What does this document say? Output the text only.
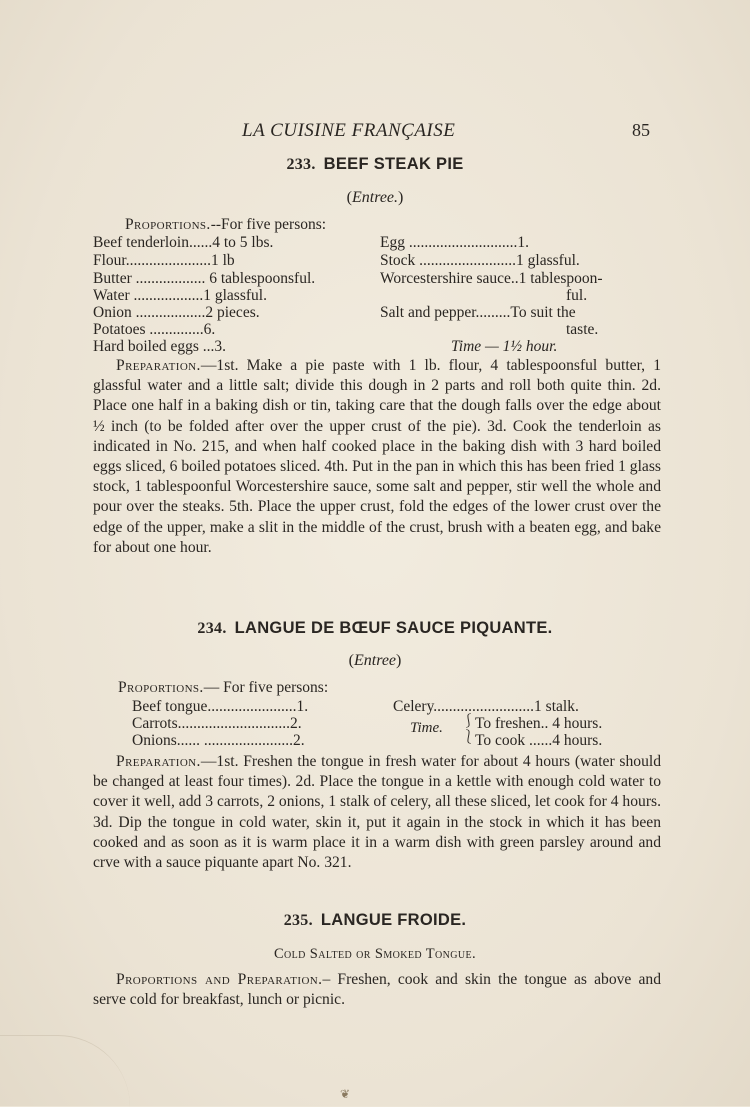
LA CUISINE FRANÇAISE	85
233. BEEF STEAK PIE
(Entree.)
Proportions.--For five persons:
Beef tenderloin......4 to 5 lbs.
Flour......................1 lb
Butter .................. 6 tablespoonsful.
Water ..................1 glassful.
Onion ..................2 pieces.
Potatoes ..............6.
Hard boiled eggs ...3.
Egg ............................1.
Stock .........................1 glassful.
Worcestershire sauce..1 tablespoon-
ful.
Salt and pepper.........To suit the
taste.
Time — 1½ hour.

Preparation.—1st. Make a pie paste with 1 lb. flour, 4 tablespoonsful butter, 1 glassful water and a little salt; divide this dough in 2 parts and roll both quite thin. 2d. Place one half in a baking dish or tin, taking care that the dough falls over the edge about ½ inch (to be folded after over the upper crust of the pie). 3d. Cook the tenderloin as indicated in No. 215, and when half cooked place in the baking dish with 3 hard boiled eggs sliced, 6 boiled potatoes sliced. 4th. Put in the pan in which this has been fried 1 glass stock, 1 tablespoonful Worcestershire sauce, some salt and pepper, stir well the whole and pour over the steaks. 5th. Place the upper crust, fold the edges of the lower crust over the edge of the upper, make a slit in the middle of the crust, brush with a beaten egg, and bake for about one hour.

234. LANGUE DE BŒUF SAUCE PIQUANTE.
(Entree)
Proportions.— For five persons:
Beef tongue.......................1.
Carrots.............................2.
Onions...... .......................2.
Celery..........................1 stalk.
Time. ⎰
⎱
To freshen.. 4 hours.
To cook ......4 hours.

Preparation.—1st. Freshen the tongue in fresh water for about 4 hours (water should be changed at least four times). 2d. Place the tongue in a kettle with enough cold water to cover it well, add 3 carrots, 2 onions, 1 stalk of celery, all these sliced, let cook for 4 hours. 3d. Dip the tongue in cold water, skin it, put it again in the stock in which it has been cooked and as soon as it is warm place it in a warm dish with green parsley around and crve with a sauce piquante apart No. 321.

235. LANGUE FROIDE.
Cold Salted or Smoked Tongue.

Proportions and Preparation.– Freshen, cook and skin the tongue as above and serve cold for breakfast, lunch or picnic.

❦
